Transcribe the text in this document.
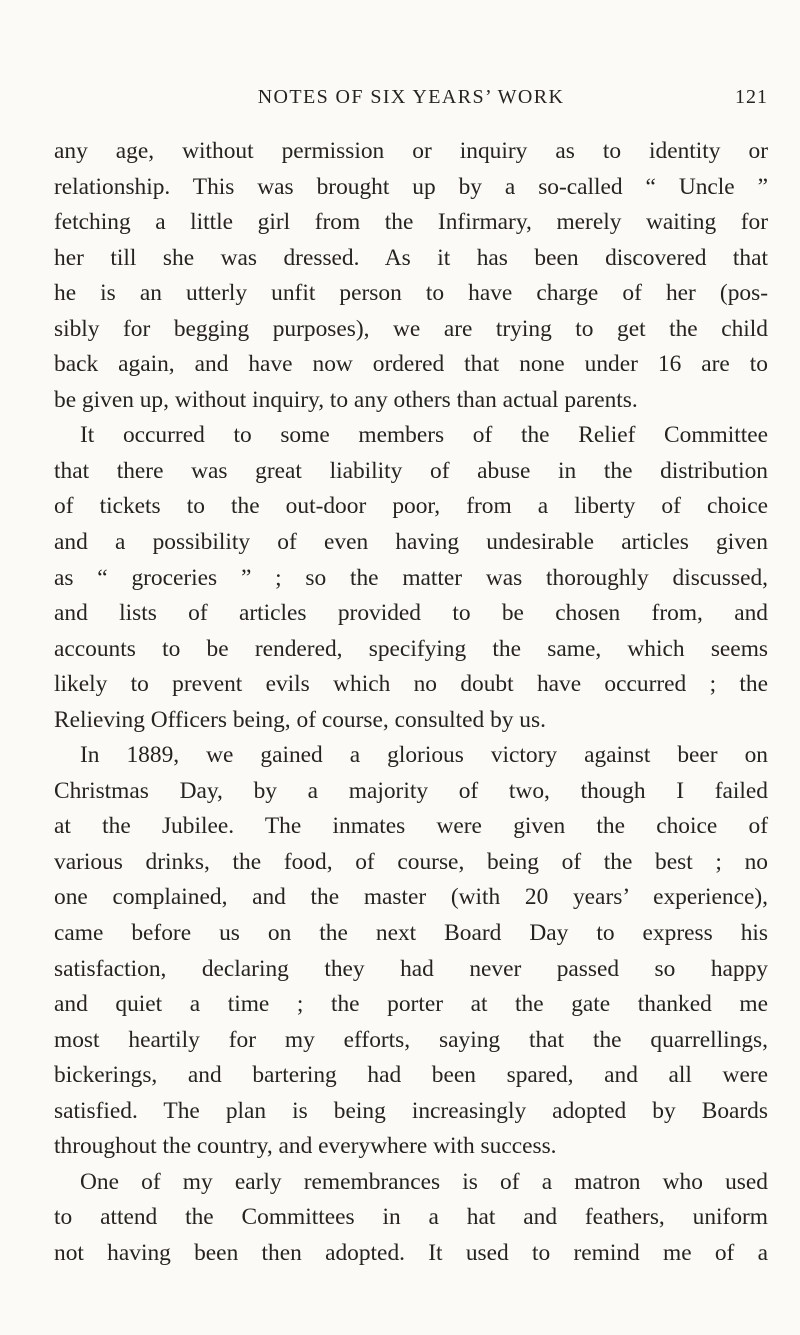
NOTES OF SIX YEARS’ WORK	121
any age, without permission or inquiry as to identity or
relationship. This was brought up by a so-called “ Uncle ”
fetching a little girl from the Infirmary, merely waiting for
her till she was dressed. As it has been discovered that
he is an utterly unfit person to have charge of her (pos-
sibly for begging purposes), we are trying to get the child
back again, and have now ordered that none under 16 are to
be given up, without inquiry, to any others than actual parents.
It occurred to some members of the Relief Committee
that there was great liability of abuse in the distribution
of tickets to the out-door poor, from a liberty of choice
and a possibility of even having undesirable articles given
as “ groceries ” ; so the matter was thoroughly discussed,
and lists of articles provided to be chosen from, and
accounts to be rendered, specifying the same, which seems
likely to prevent evils which no doubt have occurred ; the
Relieving Officers being, of course, consulted by us.
In 1889, we gained a glorious victory against beer on
Christmas Day, by a majority of two, though I failed
at the Jubilee. The inmates were given the choice of
various drinks, the food, of course, being of the best ; no
one complained, and the master (with 20 years’ experience),
came before us on the next Board Day to express his
satisfaction, declaring they had never passed so happy
and quiet a time ; the porter at the gate thanked me
most heartily for my efforts, saying that the quarrellings,
bickerings, and bartering had been spared, and all were
satisfied. The plan is being increasingly adopted by Boards
throughout the country, and everywhere with success.
One of my early remembrances is of a matron who used
to attend the Committees in a hat and feathers, uniform
not having been then adopted. It used to remind me of a
